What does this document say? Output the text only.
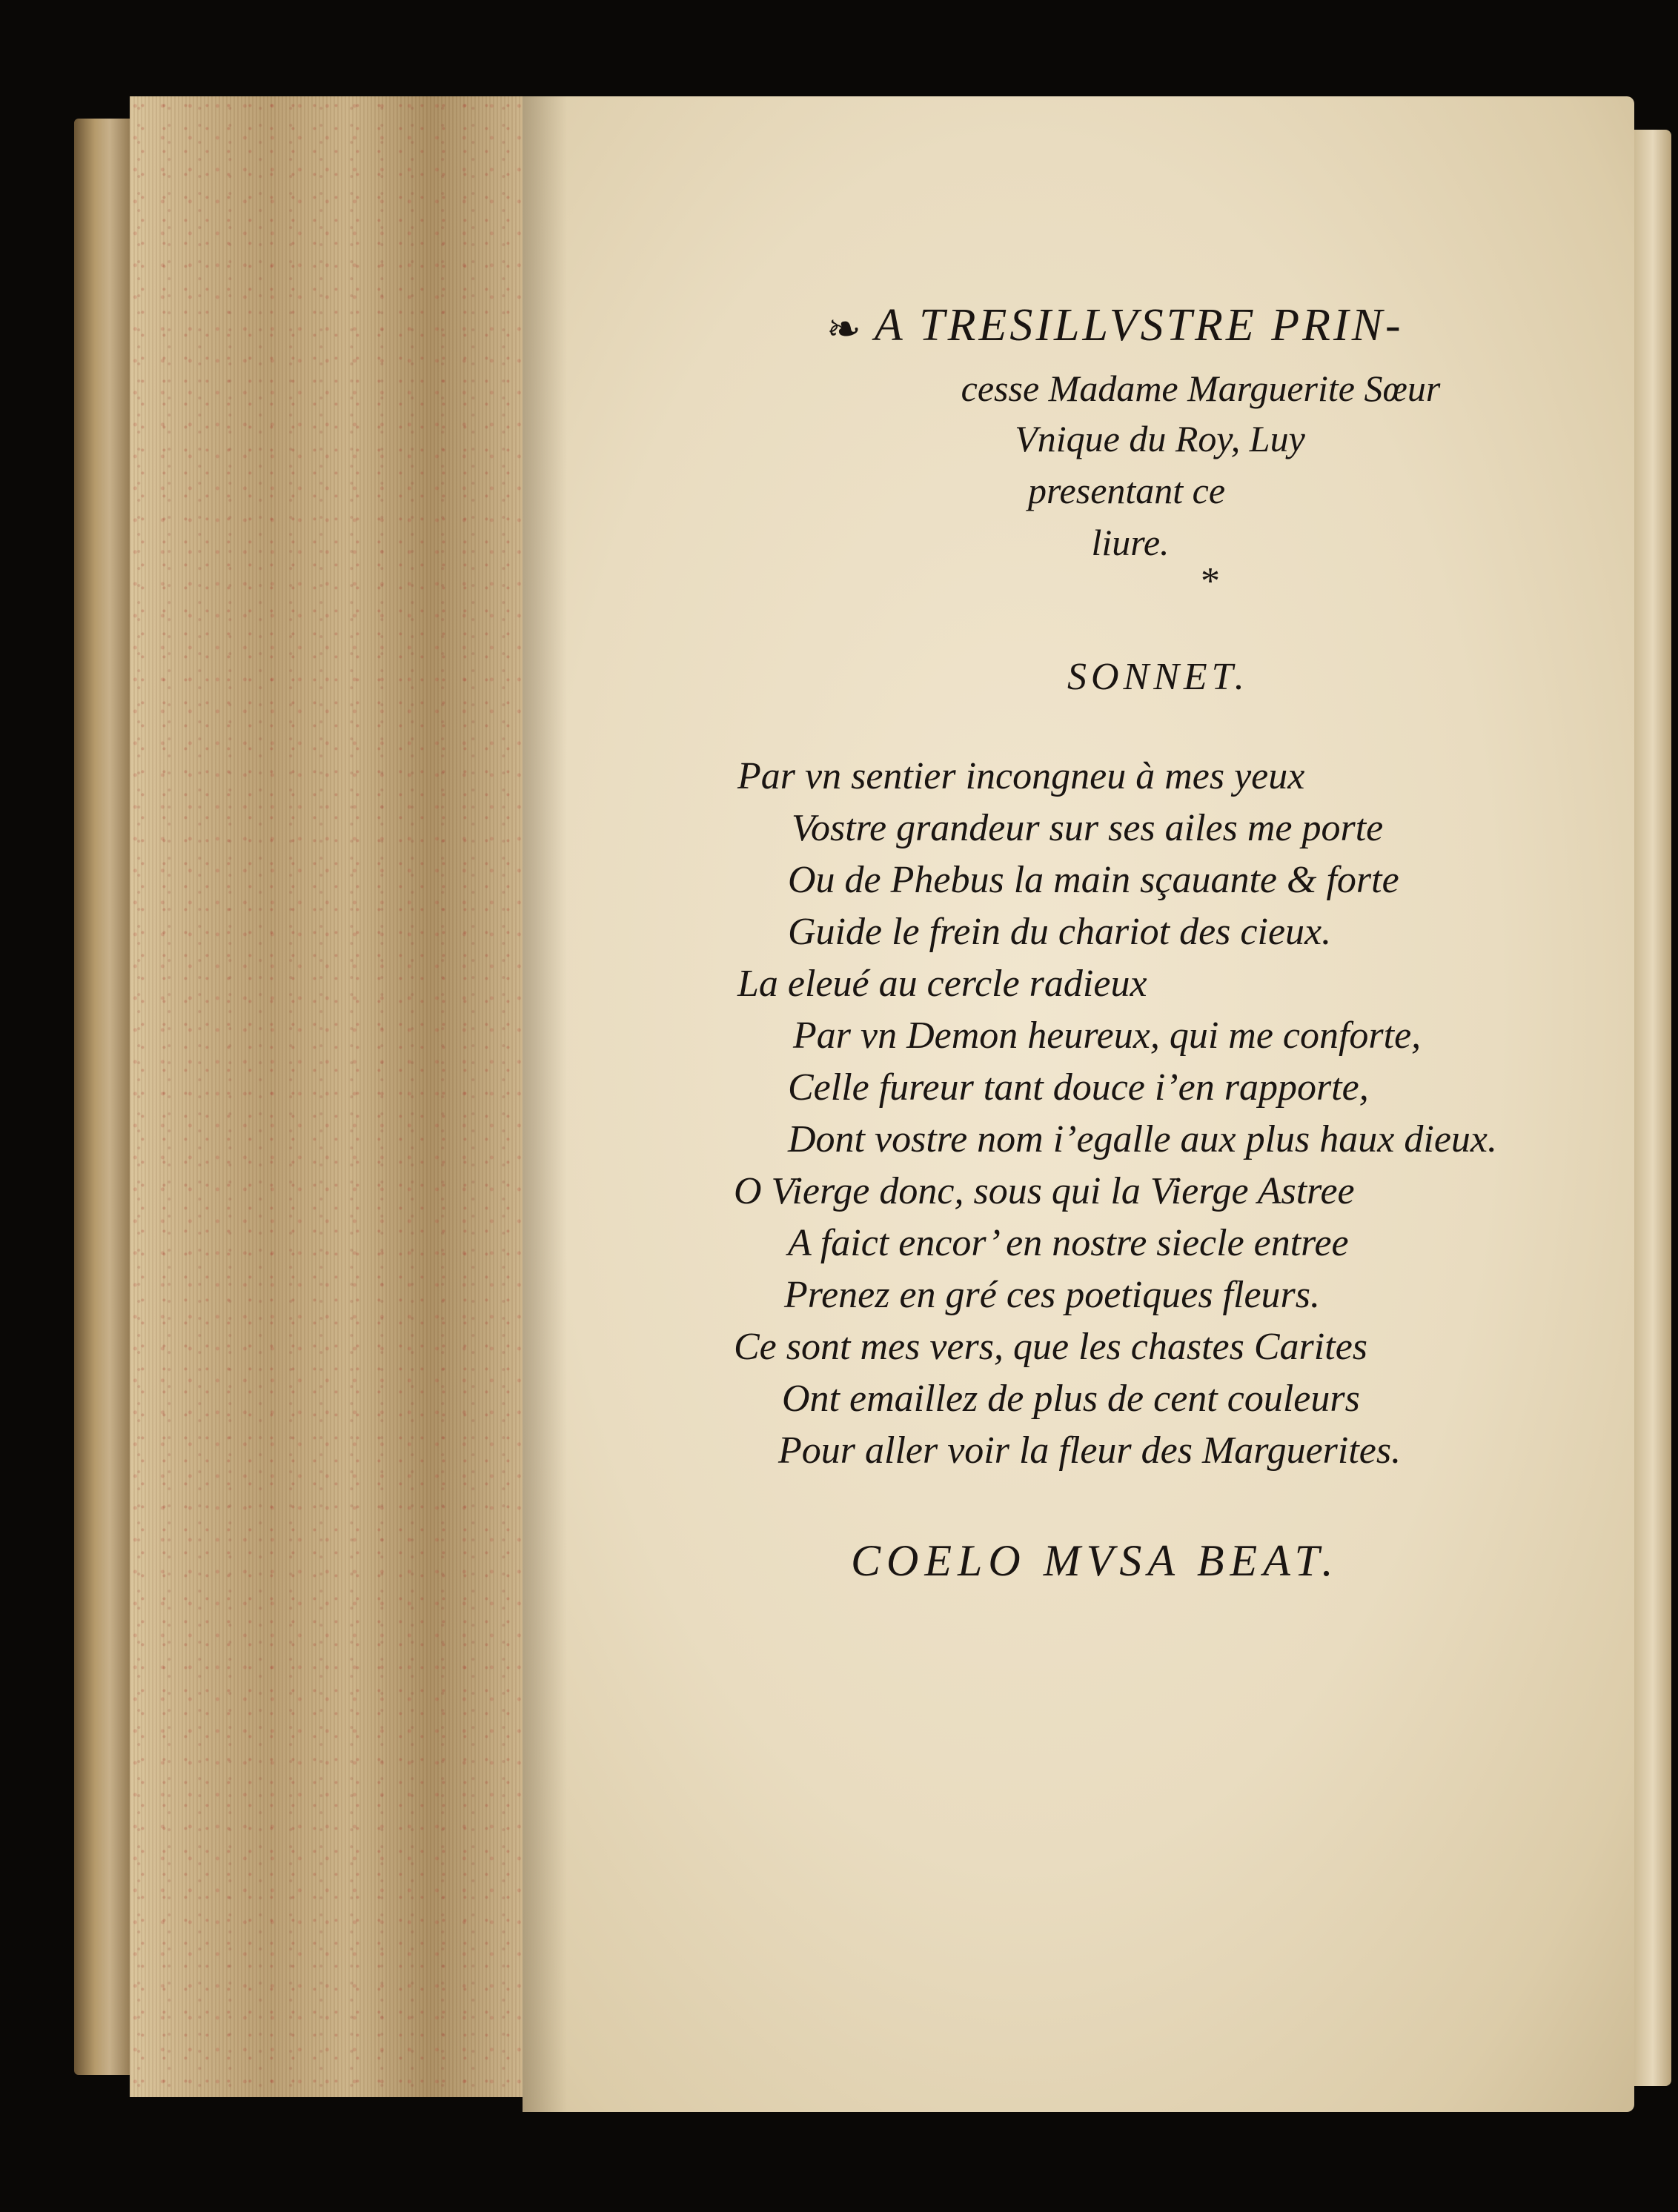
❧ A TRESILLVSTRE PRIN-
cesse Madame Marguerite Sœur
Vnique du Roy, Luy
presentant ce
liure.
*
SONNET.
Par vn sentier incongneu à mes yeux
Vostre grandeur sur ses ailes me porte
Ou de Phebus la main sçauante & forte
Guide le frein du chariot des cieux.
La eleué au cercle radieux
Par vn Demon heureux, qui me conforte,
Celle fureur tant douce i’en rapporte,
Dont vostre nom i’egalle aux plus haux dieux.
O Vierge donc, sous qui la Vierge Astree
A faict encor’ en nostre siecle entree
Prenez en gré ces poetiques fleurs.
Ce sont mes vers, que les chastes Carites
Ont emaillez de plus de cent couleurs
Pour aller voir la fleur des Marguerites.
COELO MVSA BEAT.
